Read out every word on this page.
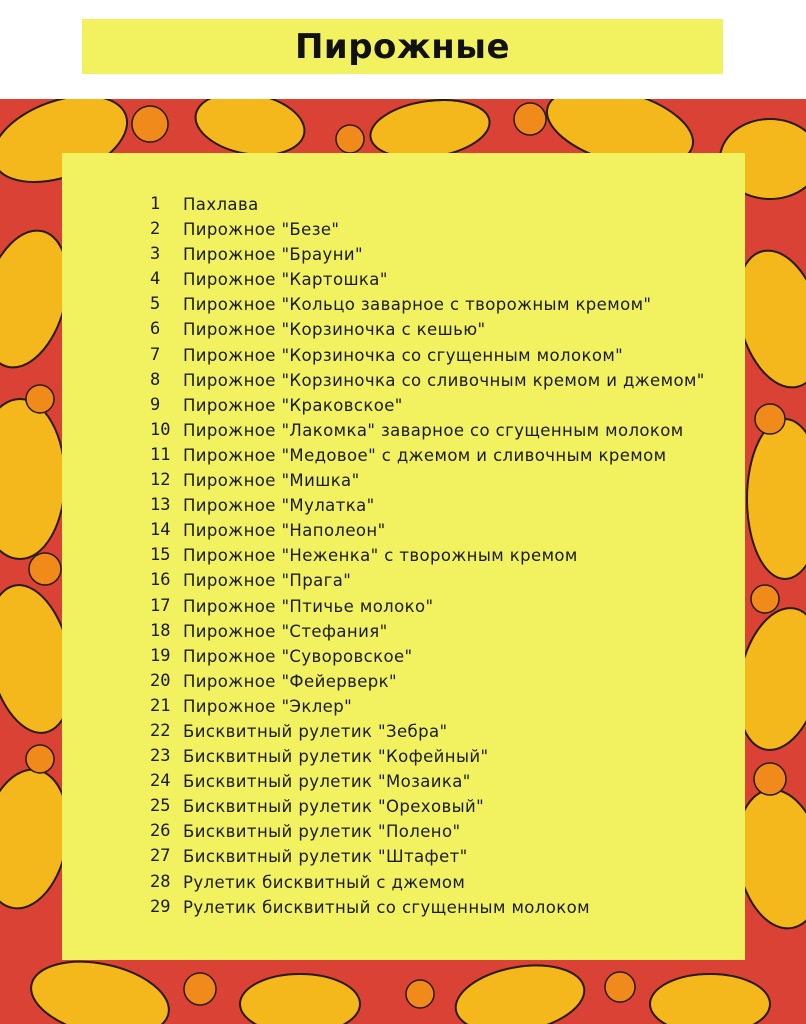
Пирожные
1	Пахлава
2	Пирожное "Безе"
3	Пирожное "Брауни"
4	Пирожное "Картошка"
5	Пирожное "Кольцо заварное с творожным кремом"
6	Пирожное "Корзиночка с кешью"
7	Пирожное "Корзиночка со сгущенным молоком"
8	Пирожное "Корзиночка со сливочным кремом и джемом"
9	Пирожное "Краковское"
10 Пирожное "Лакомка" заварное со сгущенным молоком
11 Пирожное "Медовое" с джемом и сливочным кремом
12 Пирожное "Мишка"
13 Пирожное "Мулатка"
14 Пирожное "Наполеон"
15 Пирожное "Неженка" с творожным кремом
16 Пирожное "Прага"
17 Пирожное "Птичье молоко"
18 Пирожное "Стефания"
19 Пирожное "Суворовское"
20 Пирожное "Фейерверк"
21 Пирожное "Эклер"
22 Бисквитный рулетик "Зебра"
23 Бисквитный рулетик "Кофейный"
24 Бисквитный рулетик "Мозаика"
25 Бисквитный рулетик "Ореховый"
26 Бисквитный рулетик "Полено"
27 Бисквитный рулетик "Штафет"
28 Рулетик бисквитный с джемом
29 Рулетик бисквитный со сгущенным молоком
